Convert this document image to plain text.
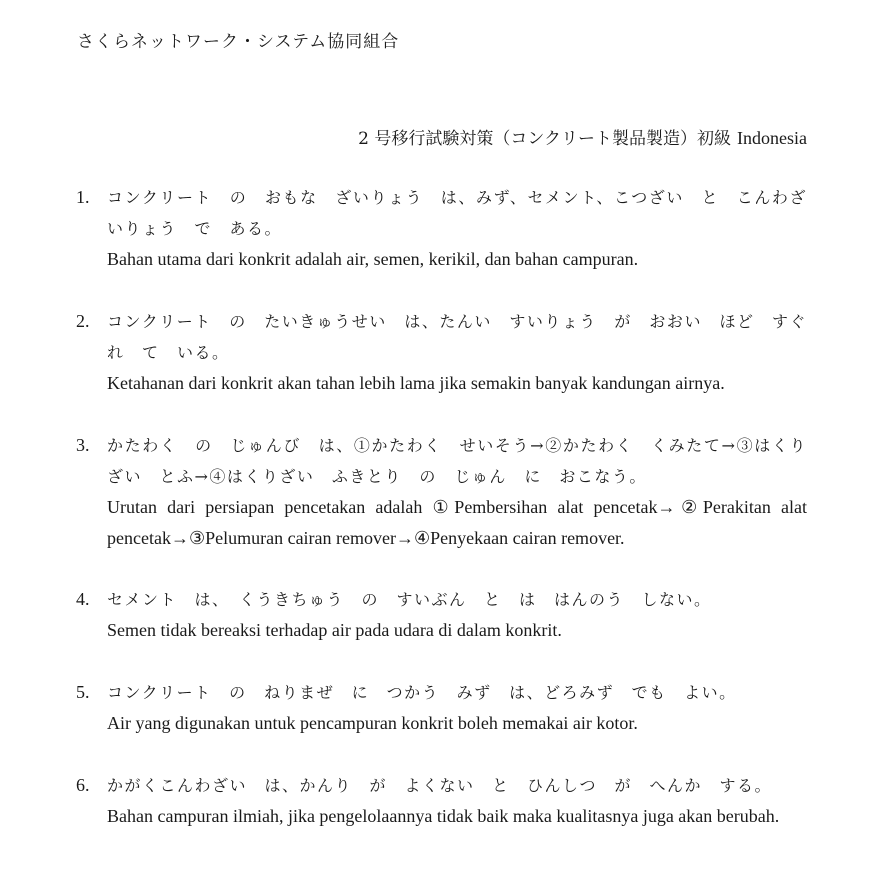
さくらネットワーク・システム協同組合
2 号移行試験対策（コンクリート製品製造）初級 Indonesia
1. コンクリート　の　おもな　ざいりょう　は、みず、セメント、こつざい　と　こんわざいりょう　で　ある。
Bahan utama dari konkrit adalah air, semen, kerikil, dan bahan campuran.
2. コンクリート　の　たいきゅうせい　は、たんい　すいりょう　が　おおい　ほど　すぐれ　て　いる。
Ketahanan dari konkrit akan tahan lebih lama jika semakin banyak kandungan airnya.
3. かたわく　の　じゅんび　は、①かたわく　せいそう→②かたわく　くみたて→③はくりざい　とふ→④はくりざい　ふきとり　の　じゅん　に　おこなう。
Urutan dari persiapan pencetakan adalah ①Pembersihan alat pencetak→②Perakitan alat pencetak→③Pelumuran cairan remover→④Penyekaan cairan remover.
4. セメント　は、　くうきちゅう　の　すいぶん　と　は　はんのう　しない。
Semen tidak bereaksi terhadap air pada udara di dalam konkrit.
5. コンクリート　の　ねりまぜ　に　つかう　みず　は、どろみず　でも　よい。
Air yang digunakan untuk pencampuran konkrit boleh memakai air kotor.
6. かがくこんわざい　は、かんり　が　よくない　と　ひんしつ　が　へんか　する。
Bahan campuran ilmiah, jika pengelolaannya tidak baik maka kualitasnya juga akan berubah.
